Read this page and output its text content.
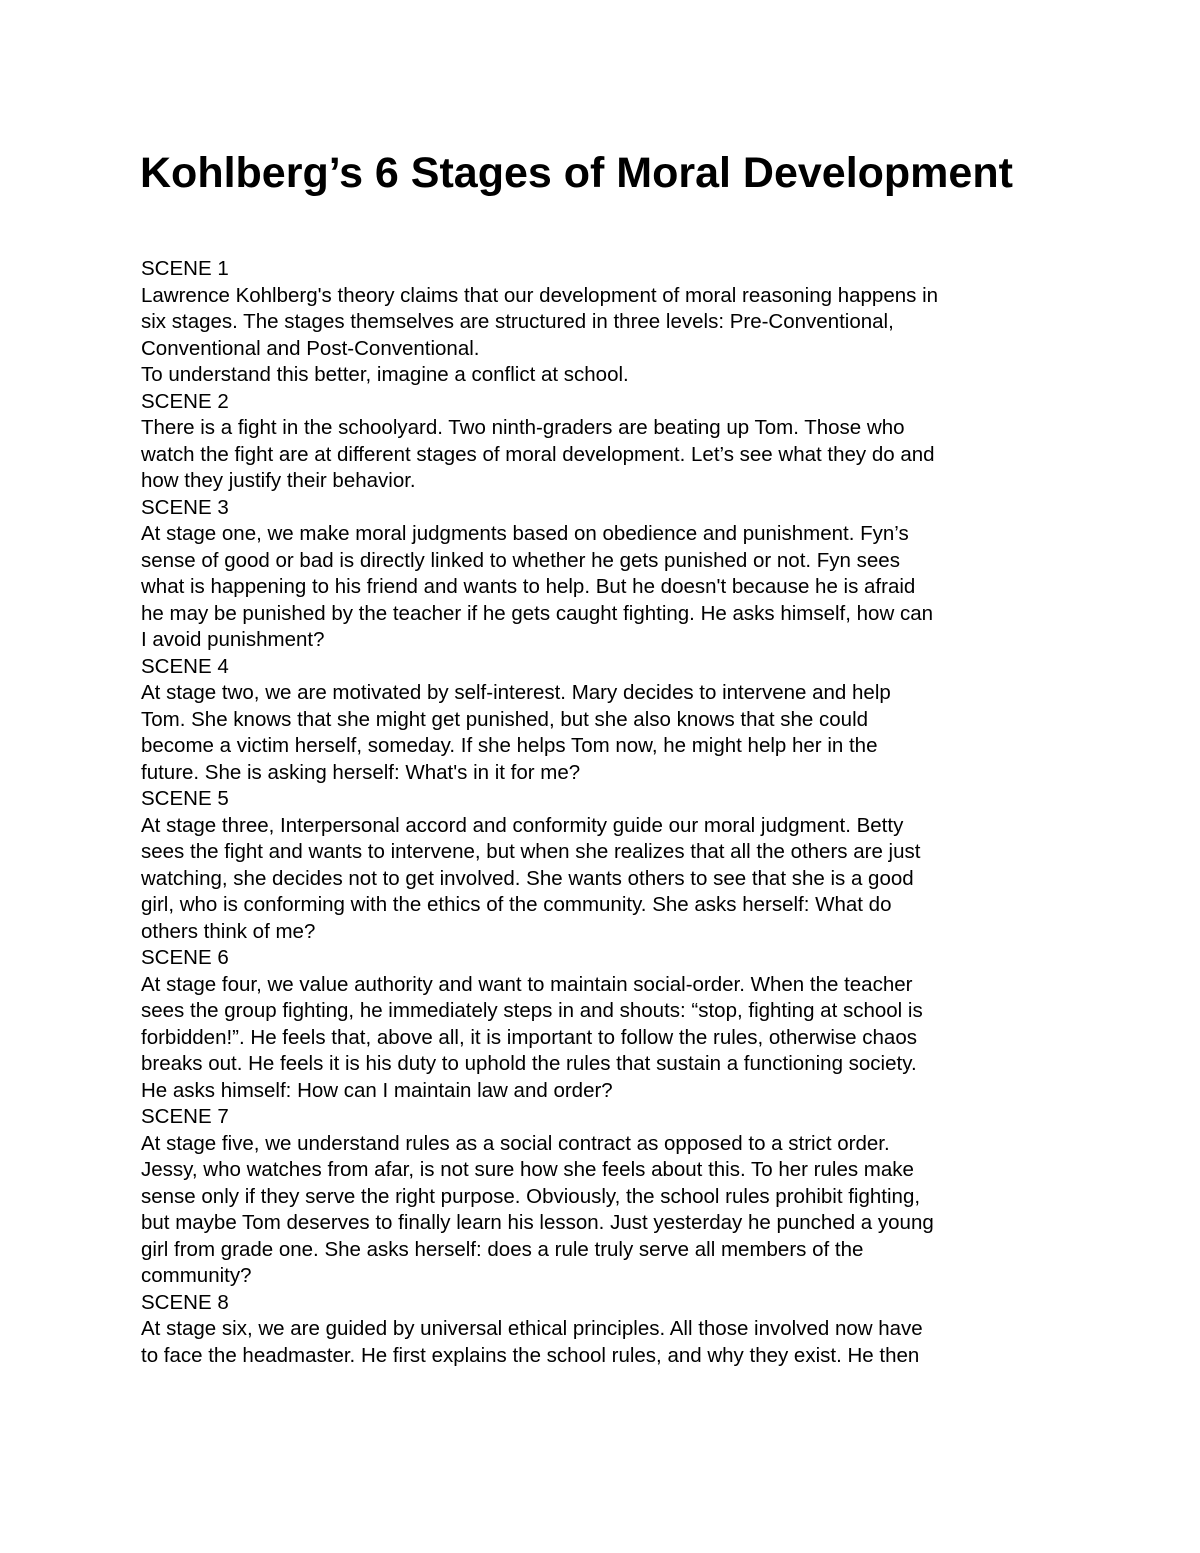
Kohlberg’s 6 Stages of Moral Development

SCENE 1

Lawrence Kohlberg's theory claims that our development of moral reasoning happens in

six stages. The stages themselves are structured in three levels: Pre-Conventional,

Conventional and Post-Conventional.

To understand this better, imagine a conflict at school.

SCENE 2

There is a fight in the schoolyard. Two ninth-graders are beating up Tom. Those who

watch the fight are at different stages of moral development. Let’s see what they do and

how they justify their behavior.

SCENE 3

At stage one, we make moral judgments based on obedience and punishment. Fyn’s

sense of good or bad is directly linked to whether he gets punished or not. Fyn sees

what is happening to his friend and wants to help. But he doesn't because he is afraid

he may be punished by the teacher if he gets caught fighting. He asks himself, how can

I avoid punishment?

SCENE 4

At stage two, we are motivated by self-interest. Mary decides to intervene and help

Tom. She knows that she might get punished, but she also knows that she could

become a victim herself, someday. If she helps Tom now, he might help her in the

future. She is asking herself: What's in it for me?

SCENE 5

At stage three, Interpersonal accord and conformity guide our moral judgment. Betty

sees the fight and wants to intervene, but when she realizes that all the others are just

watching, she decides not to get involved. She wants others to see that she is a good

girl, who is conforming with the ethics of the community. She asks herself: What do

others think of me?

SCENE 6

At stage four, we value authority and want to maintain social-order. When the teacher

sees the group fighting, he immediately steps in and shouts: “stop, fighting at school is

forbidden!”. He feels that, above all, it is important to follow the rules, otherwise chaos

breaks out. He feels it is his duty to uphold the rules that sustain a functioning society.

He asks himself: How can I maintain law and order?

SCENE 7

At stage five, we understand rules as a social contract as opposed to a strict order.

Jessy, who watches from afar, is not sure how she feels about this. To her rules make

sense only if they serve the right purpose. Obviously, the school rules prohibit fighting,

but maybe Tom deserves to finally learn his lesson. Just yesterday he punched a young

girl from grade one. She asks herself: does a rule truly serve all members of the

community?

SCENE 8

At stage six, we are guided by universal ethical principles. All those involved now have

to face the headmaster. He first explains the school rules, and why they exist. He then
